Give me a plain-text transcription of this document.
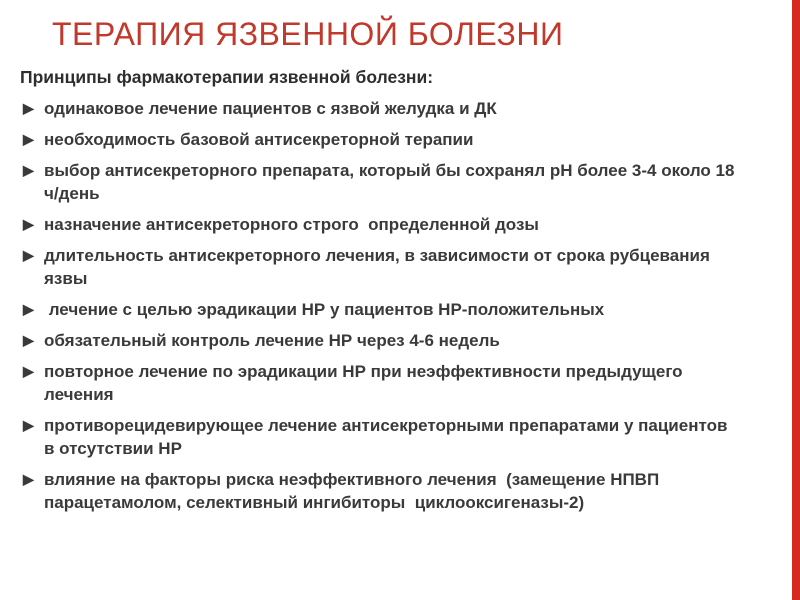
ТЕРАПИЯ ЯЗВЕННОЙ БОЛЕЗНИ

Принципы фармакотерапии язвенной болезни:

▶ одинаковое лечение пациентов с язвой желудка и ДК
▶ необходимость базовой антисекреторной терапии
▶ выбор антисекреторного препарата, который бы сохранял рН более 3-4 около 18 ч/день
▶ назначение антисекреторного строго  определенной дозы
▶ длительность антисекреторного лечения, в зависимости от срока рубцевания язвы
▶ лечение с целью эрадикации НР у пациентов НР-положительных
▶ обязательный контроль лечение НР через 4-6 недель
▶ повторное лечение по эрадикации НР при неэффективности предыдущего лечения
▶ противорецидевирующее лечение антисекреторными препаратами у пациентов в отсутствии НР
▶ влияние на факторы риска неэффективного лечения  (замещение НПВП парацетамолом, селективный ингибиторы  циклооксигеназы-2)
